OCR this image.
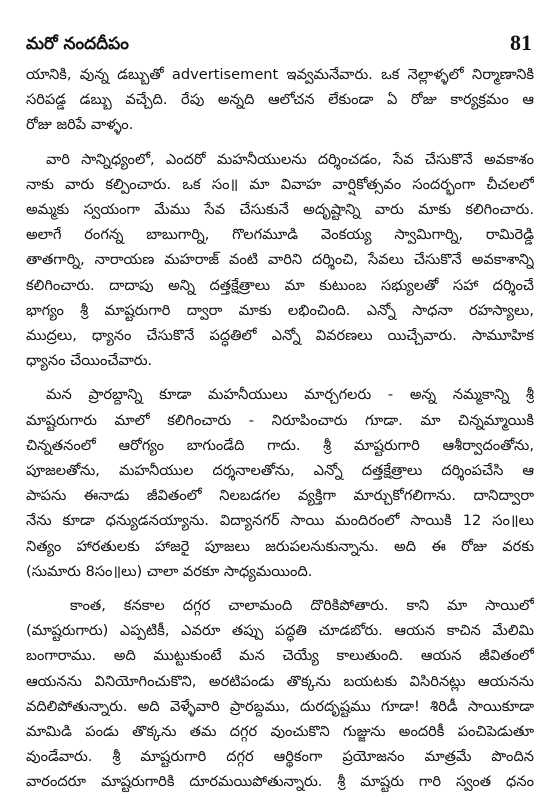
మరో నందదీపం	81

యానికి, వున్న డబ్బుతో advertisement ఇవ్వమనేవారు. ఒక నెల్లాళ్ళలో నిర్మాణానికి
సరిపడ్డ డబ్బు వచ్చేది. రేపు అన్నది ఆలోచన లేకుండా ఏ రోజు కార్యక్రమం ఆ
రోజు జరిపే వాళ్ళం.

వారి సాన్నిధ్యంలో, ఎందరో మహనీయులను దర్శించడం, సేవ చేసుకొనే అవకాశం
నాకు వారు కల్పించారు. ఒక సం॥ మా వివాహ వార్షికోత్సవం సందర్భంగా చీచలలో
అమ్మకు స్వయంగా మేము సేవ చేసుకునే అదృష్టాన్ని వారు మాకు కలిగించారు.
అలాగే రంగన్న బాబుగార్ని, గొలగమూడి వెంకయ్య స్వామిగార్ని, రామిరెడ్డి
తాతగార్ని, నారాయణ మహరాజ్ వంటి వారిని దర్శించి, సేవలు చేసుకొనే అవకాశాన్ని
కలిగించారు. దాదాపు అన్ని దత్తక్షేత్రాలు మా కుటుంబ సభ్యులతో సహా దర్శించే
భాగ్యం శ్రీ మాష్టరుగారి ద్వారా మాకు లభించింది. ఎన్నో సాధనా రహస్యాలు,
ముద్రలు, ధ్యానం చేసుకొనే పద్ధతిలో ఎన్నో వివరణలు యిచ్చేవారు. సామూహిక
ధ్యానం చేయించేవారు.

మన ప్రారబ్దాన్ని కూడా మహనీయులు మార్చగలరు - అన్న నమ్మకాన్ని శ్రీ
మాష్టరుగారు మాలో కలిగించారు - నిరూపించారు గూడా. మా చిన్నమ్మాయికి
చిన్నతనంలో ఆరోగ్యం బాగుండేది గాదు. శ్రీ మాష్టరుగారి ఆశీర్వాదంతోను,
పూజలతోను, మహనీయుల దర్శనాలతోను, ఎన్నో దత్తక్షేత్రాలు దర్శింపచేసి ఆ
పాపను ఈనాడు జీవితంలో నిలబడగల వ్యక్తిగా మార్చుకోగలిగాను. దానిద్వారా
నేను కూడా ధన్యుడనయ్యాను. విద్యానగర్ సాయి మందిరంలో సాయికి 12 సం॥లు
నిత్యం హారతులకు హాజరై పూజలు జరుపలనుకున్నాను. అది ఈ రోజు వరకు
(సుమారు 8సం॥లు) చాలా వరకూ సాధ్యమయింది.

కాంత, కనకాల దగ్గర చాలామంది దొరికిపోతారు. కాని మా సాయిలో
(మాష్టరుగారు) ఎప్పటికీ, ఎవరూ తప్పు పద్ధతి చూడబోరు. ఆయన కాచిన మేలిమి
బంగారాము. అది ముట్టుకుంటే మన చెయ్యే కాలుతుంది. ఆయన జీవితంలో
ఆయనను వినియోగించుకొని, అరటిపండు తొక్కను బయటకు విసిరినట్లు ఆయనను
వదిలిపోతున్నారు. అది వెళ్ళేవారి ప్రారబ్దము, దురదృష్టము గూడా! శిరిడీ సాయికూడా
మామిడి పండు తొక్కను తమ దగ్గర వుంచుకొని గుజ్జును అందరికీ పంచిపెడుతూ
వుండేవారు. శ్రీ మాష్టరుగారి దగ్గర ఆర్థికంగా ప్రయోజనం మాత్రమే పొందిన
వారందరూ మాష్టరుగారికి దూరమయిపోతున్నారు. శ్రీ మాష్టరు గారి స్వంత ధనం
